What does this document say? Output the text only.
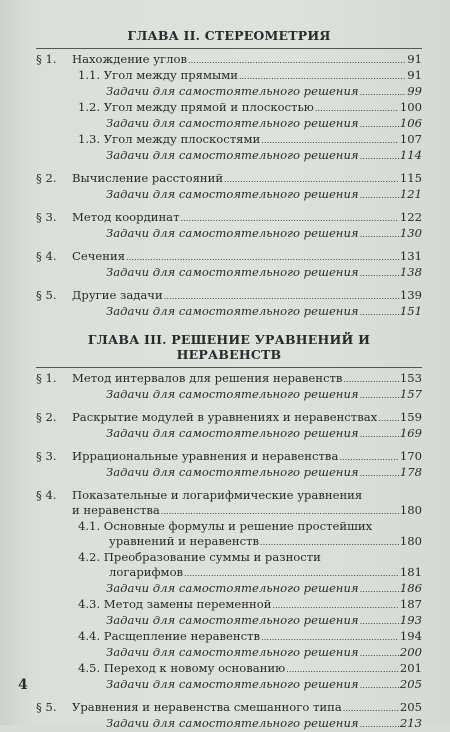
ГЛАВА II. СТЕРЕОМЕТРИЯ
§ 1. Нахождение углов . . .	91
1.1. Угол между прямыми . . .	91
Задачи для самостоятельного решения . . .	99
1.2. Угол между прямой и плоскостью . . .	100
Задачи для самостоятельного решения . . .	106
1.3. Угол между плоскостями . . .	107
Задачи для самостоятельного решения . . .	114
§ 2. Вычисление расстояний . . .	115
Задачи для самостоятельного решения . . .	121
§ 3. Метод координат . . .	122
Задачи для самостоятельного решения . . .	130
§ 4. Сечения . . .	131
Задачи для самостоятельного решения . . .	138
§ 5. Другие задачи . . .	139
Задачи для самостоятельного решения . . .	151
ГЛАВА III. РЕШЕНИЕ УРАВНЕНИЙ И НЕРАВЕНСТВ
§ 1. Метод интервалов для решения неравенств . . .	153
Задачи для самостоятельного решения . . .	157
§ 2. Раскрытие модулей в уравнениях и неравенствах . . . 159
Задачи для самостоятельного решения . . .	169
§ 3. Иррациональные уравнения и неравенства . . .	170
Задачи для самостоятельного решения . . .	178
§ 4. Показательные и логарифмические уравнения
и неравенства . . .	180
4.1. Основные формулы и решение простейших
уравнений и неравенств . . .	180
4.2. Преобразование суммы и разности
логарифмов . . .	181
Задачи для самостоятельного решения . . .	186
4.3. Метод замены переменной . . .	187
Задачи для самостоятельного решения . . .	193
4.4. Расщепление неравенств . . .	194
Задачи для самостоятельного решения . . .	200
4.5. Переход к новому основанию . . .	201
Задачи для самостоятельного решения . . .	205
§ 5. Уравнения и неравенства смешанного типа . . .	205
Задачи для самостоятельного решения . . .	213
4
